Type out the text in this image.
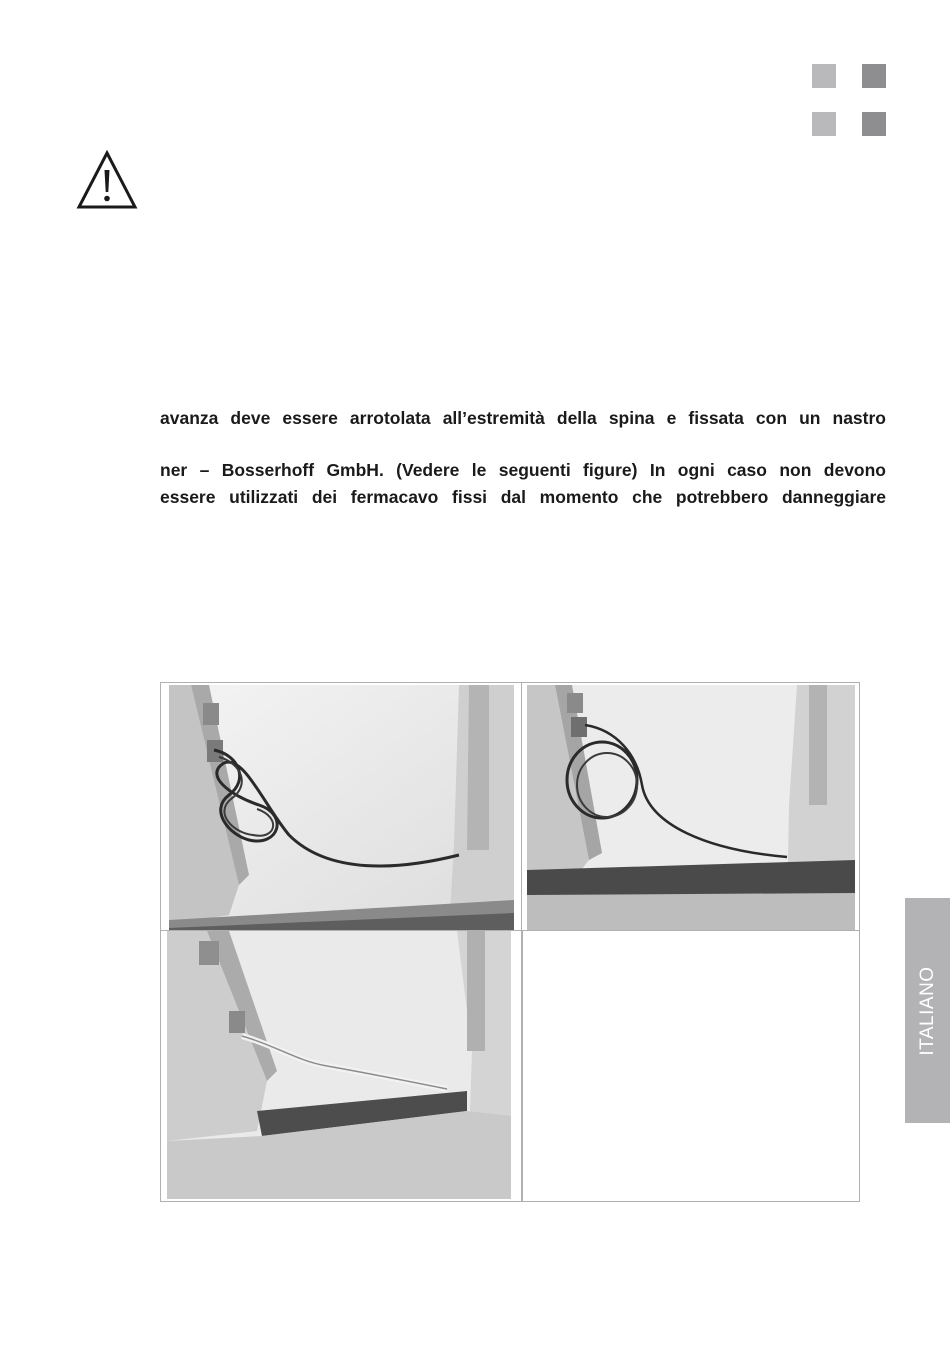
avanza deve essere arrotolata all’estremità della spina e fissata con un nastro
ner – Bosserhoff GmbH. (Vedere le seguenti figure) In ogni caso non devono
essere utilizzati dei fermacavo fissi dal momento che potrebbero danneggiare
ITALIANO
